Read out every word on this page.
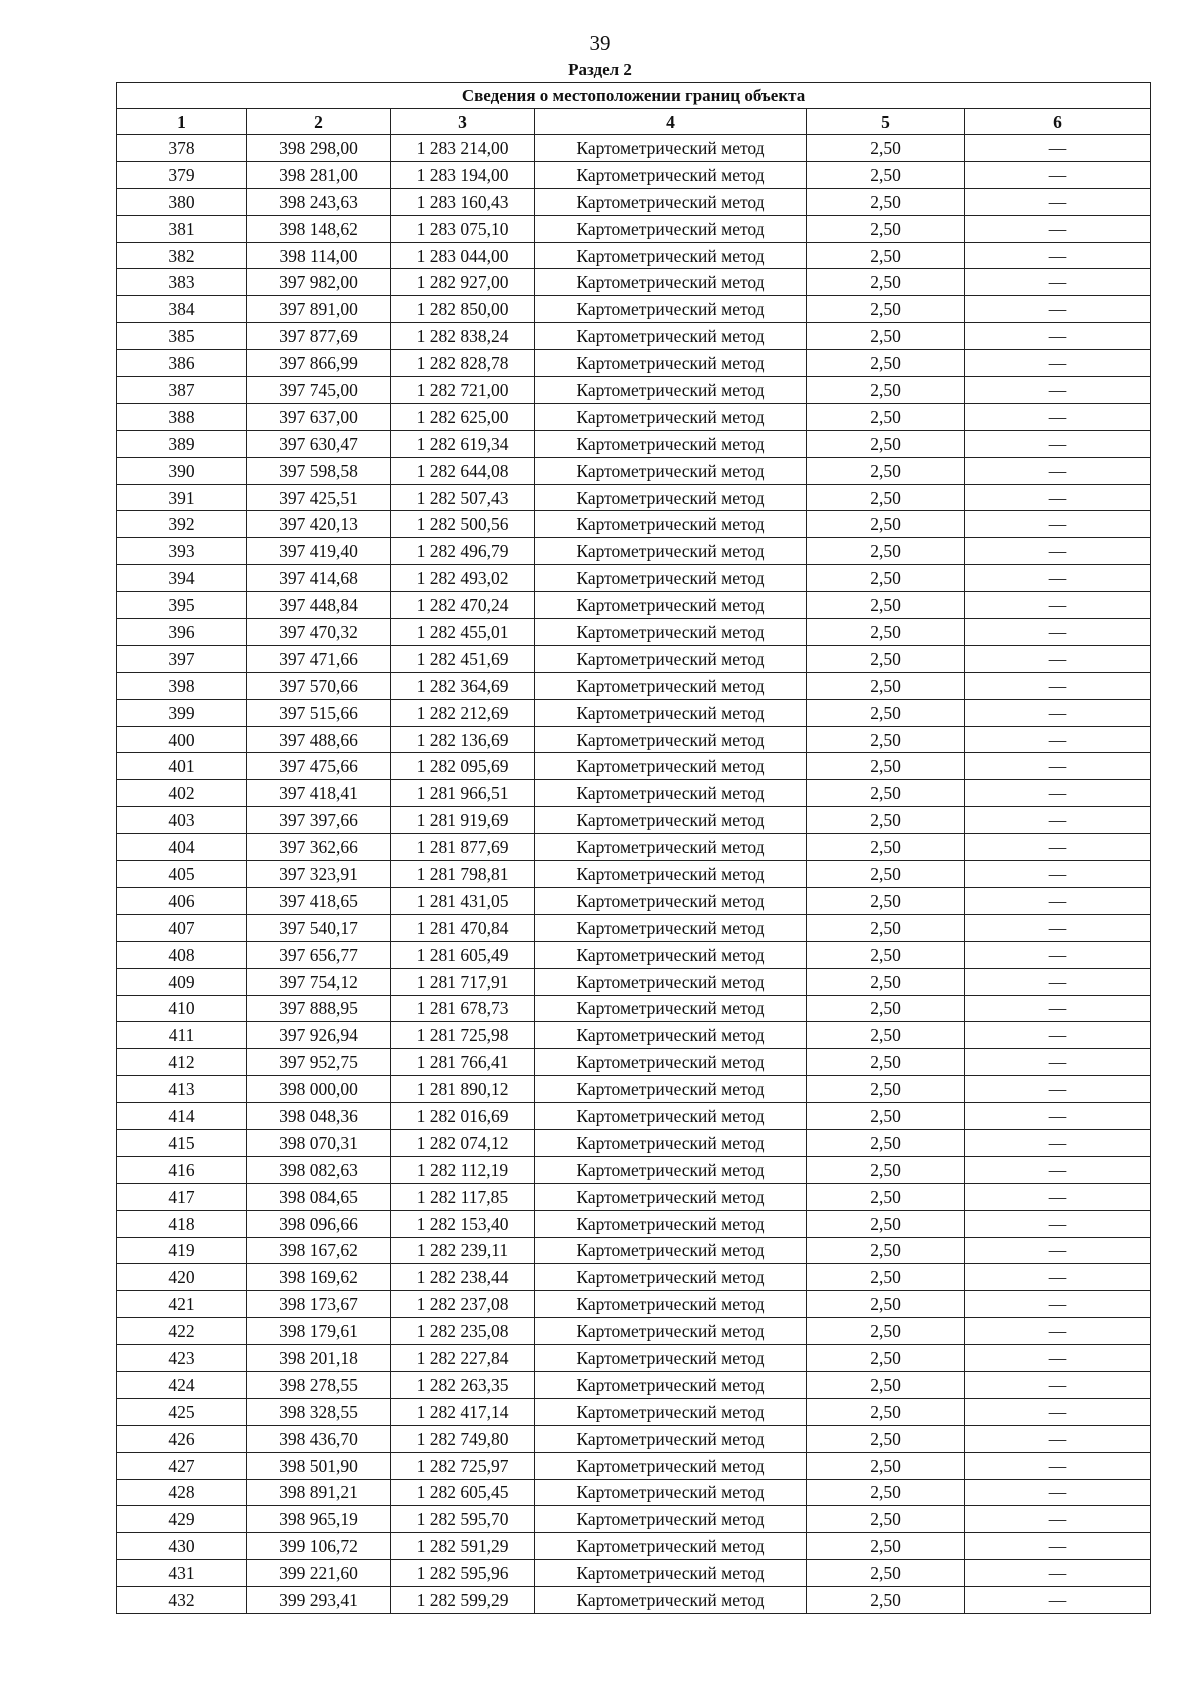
39
Раздел 2
Сведения о местоположении границ объекта					
1	2	3	4	5	6
378	398 298,00	1 283 214,00	Картометрический метод	2,50	—
379	398 281,00	1 283 194,00	Картометрический метод	2,50	—
380	398 243,63	1 283 160,43	Картометрический метод	2,50	—
381	398 148,62	1 283 075,10	Картометрический метод	2,50	—
382	398 114,00	1 283 044,00	Картометрический метод	2,50	—
383	397 982,00	1 282 927,00	Картометрический метод	2,50	—
384	397 891,00	1 282 850,00	Картометрический метод	2,50	—
385	397 877,69	1 282 838,24	Картометрический метод	2,50	—
386	397 866,99	1 282 828,78	Картометрический метод	2,50	—
387	397 745,00	1 282 721,00	Картометрический метод	2,50	—
388	397 637,00	1 282 625,00	Картометрический метод	2,50	—
389	397 630,47	1 282 619,34	Картометрический метод	2,50	—
390	397 598,58	1 282 644,08	Картометрический метод	2,50	—
391	397 425,51	1 282 507,43	Картометрический метод	2,50	—
392	397 420,13	1 282 500,56	Картометрический метод	2,50	—
393	397 419,40	1 282 496,79	Картометрический метод	2,50	—
394	397 414,68	1 282 493,02	Картометрический метод	2,50	—
395	397 448,84	1 282 470,24	Картометрический метод	2,50	—
396	397 470,32	1 282 455,01	Картометрический метод	2,50	—
397	397 471,66	1 282 451,69	Картометрический метод	2,50	—
398	397 570,66	1 282 364,69	Картометрический метод	2,50	—
399	397 515,66	1 282 212,69	Картометрический метод	2,50	—
400	397 488,66	1 282 136,69	Картометрический метод	2,50	—
401	397 475,66	1 282 095,69	Картометрический метод	2,50	—
402	397 418,41	1 281 966,51	Картометрический метод	2,50	—
403	397 397,66	1 281 919,69	Картометрический метод	2,50	—
404	397 362,66	1 281 877,69	Картометрический метод	2,50	—
405	397 323,91	1 281 798,81	Картометрический метод	2,50	—
406	397 418,65	1 281 431,05	Картометрический метод	2,50	—
407	397 540,17	1 281 470,84	Картометрический метод	2,50	—
408	397 656,77	1 281 605,49	Картометрический метод	2,50	—
409	397 754,12	1 281 717,91	Картометрический метод	2,50	—
410	397 888,95	1 281 678,73	Картометрический метод	2,50	—
411	397 926,94	1 281 725,98	Картометрический метод	2,50	—
412	397 952,75	1 281 766,41	Картометрический метод	2,50	—
413	398 000,00	1 281 890,12	Картометрический метод	2,50	—
414	398 048,36	1 282 016,69	Картометрический метод	2,50	—
415	398 070,31	1 282 074,12	Картометрический метод	2,50	—
416	398 082,63	1 282 112,19	Картометрический метод	2,50	—
417	398 084,65	1 282 117,85	Картометрический метод	2,50	—
418	398 096,66	1 282 153,40	Картометрический метод	2,50	—
419	398 167,62	1 282 239,11	Картометрический метод	2,50	—
420	398 169,62	1 282 238,44	Картометрический метод	2,50	—
421	398 173,67	1 282 237,08	Картометрический метод	2,50	—
422	398 179,61	1 282 235,08	Картометрический метод	2,50	—
423	398 201,18	1 282 227,84	Картометрический метод	2,50	—
424	398 278,55	1 282 263,35	Картометрический метод	2,50	—
425	398 328,55	1 282 417,14	Картометрический метод	2,50	—
426	398 436,70	1 282 749,80	Картометрический метод	2,50	—
427	398 501,90	1 282 725,97	Картометрический метод	2,50	—
428	398 891,21	1 282 605,45	Картометрический метод	2,50	—
429	398 965,19	1 282 595,70	Картометрический метод	2,50	—
430	399 106,72	1 282 591,29	Картометрический метод	2,50	—
431	399 221,60	1 282 595,96	Картометрический метод	2,50	—
432	399 293,41	1 282 599,29	Картометрический метод	2,50	—
